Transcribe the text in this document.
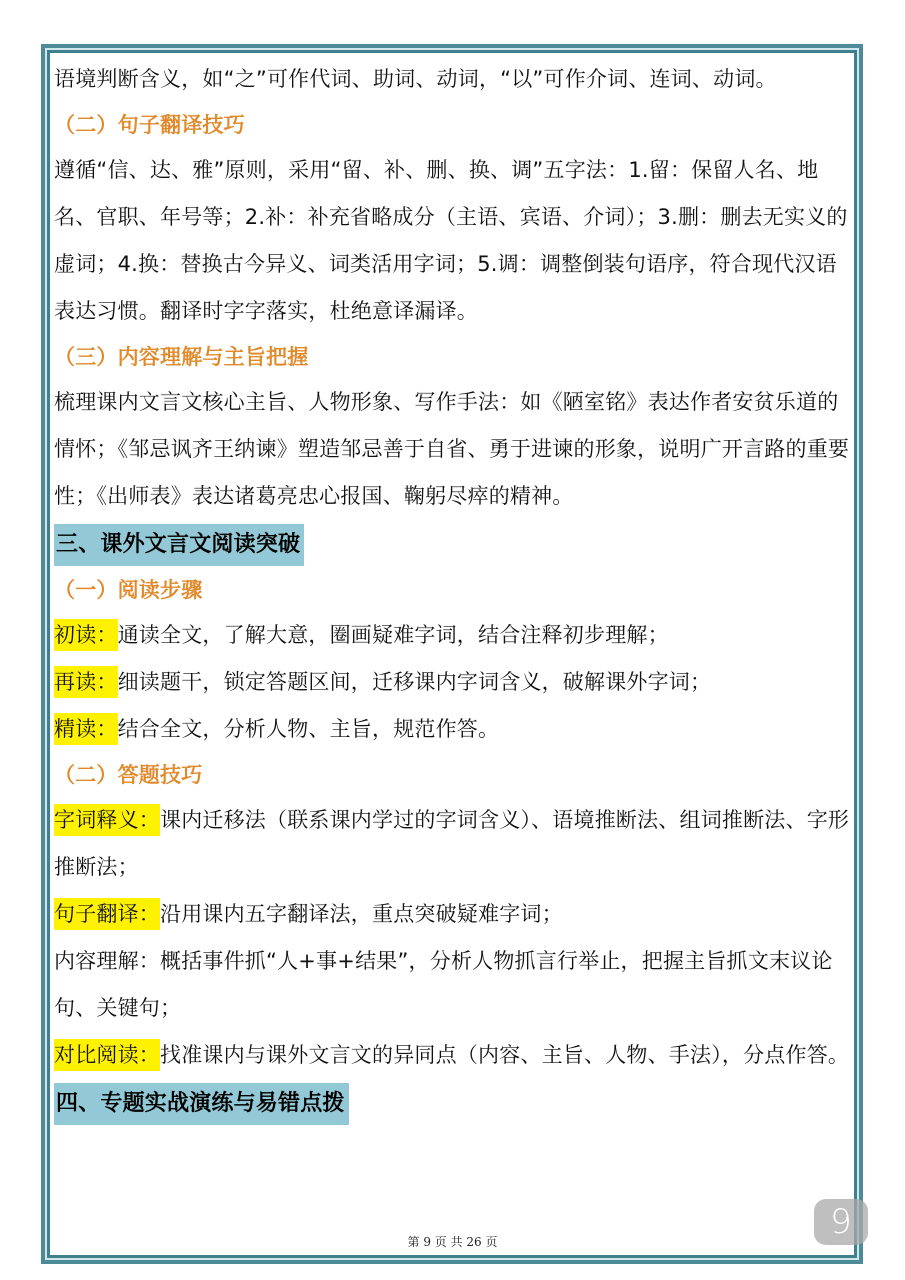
语境判断含义，如“之”可作代词、助词、动词，“以”可作介词、连词、动词。

（二）句子翻译技巧

遵循“信、达、雅”原则，采用“留、补、删、换、调”五字法：1.留：保留人名、地名、官职、年号等；2.补：补充省略成分（主语、宾语、介词）；3.删：删去无实义的虚词；4.换：替换古今异义、词类活用字词；5.调：调整倒装句语序，符合现代汉语表达习惯。翻译时字字落实，杜绝意译漏译。

（三）内容理解与主旨把握

梳理课内文言文核心主旨、人物形象、写作手法：如《陋室铭》表达作者安贫乐道的情怀；《邹忌讽齐王纳谏》塑造邹忌善于自省、勇于进谏的形象，说明广开言路的重要性；《出师表》表达诸葛亮忠心报国、鞠躬尽瘁的精神。

三、课外文言文阅读突破

（一）阅读步骤

初读：通读全文，了解大意，圈画疑难字词，结合注释初步理解；

再读：细读题干，锁定答题区间，迁移课内字词含义，破解课外字词；

精读：结合全文，分析人物、主旨，规范作答。

（二）答题技巧

字词释义：课内迁移法（联系课内学过的字词含义）、语境推断法、组词推断法、字形推断法；

句子翻译：沿用课内五字翻译法，重点突破疑难字词；

内容理解：概括事件抓“人+事+结果”，分析人物抓言行举止，把握主旨抓文末议论句、关键句；

对比阅读：找准课内与课外文言文的异同点（内容、主旨、人物、手法），分点作答。

四、专题实战演练与易错点拨
第 9 页 共 26 页	9
